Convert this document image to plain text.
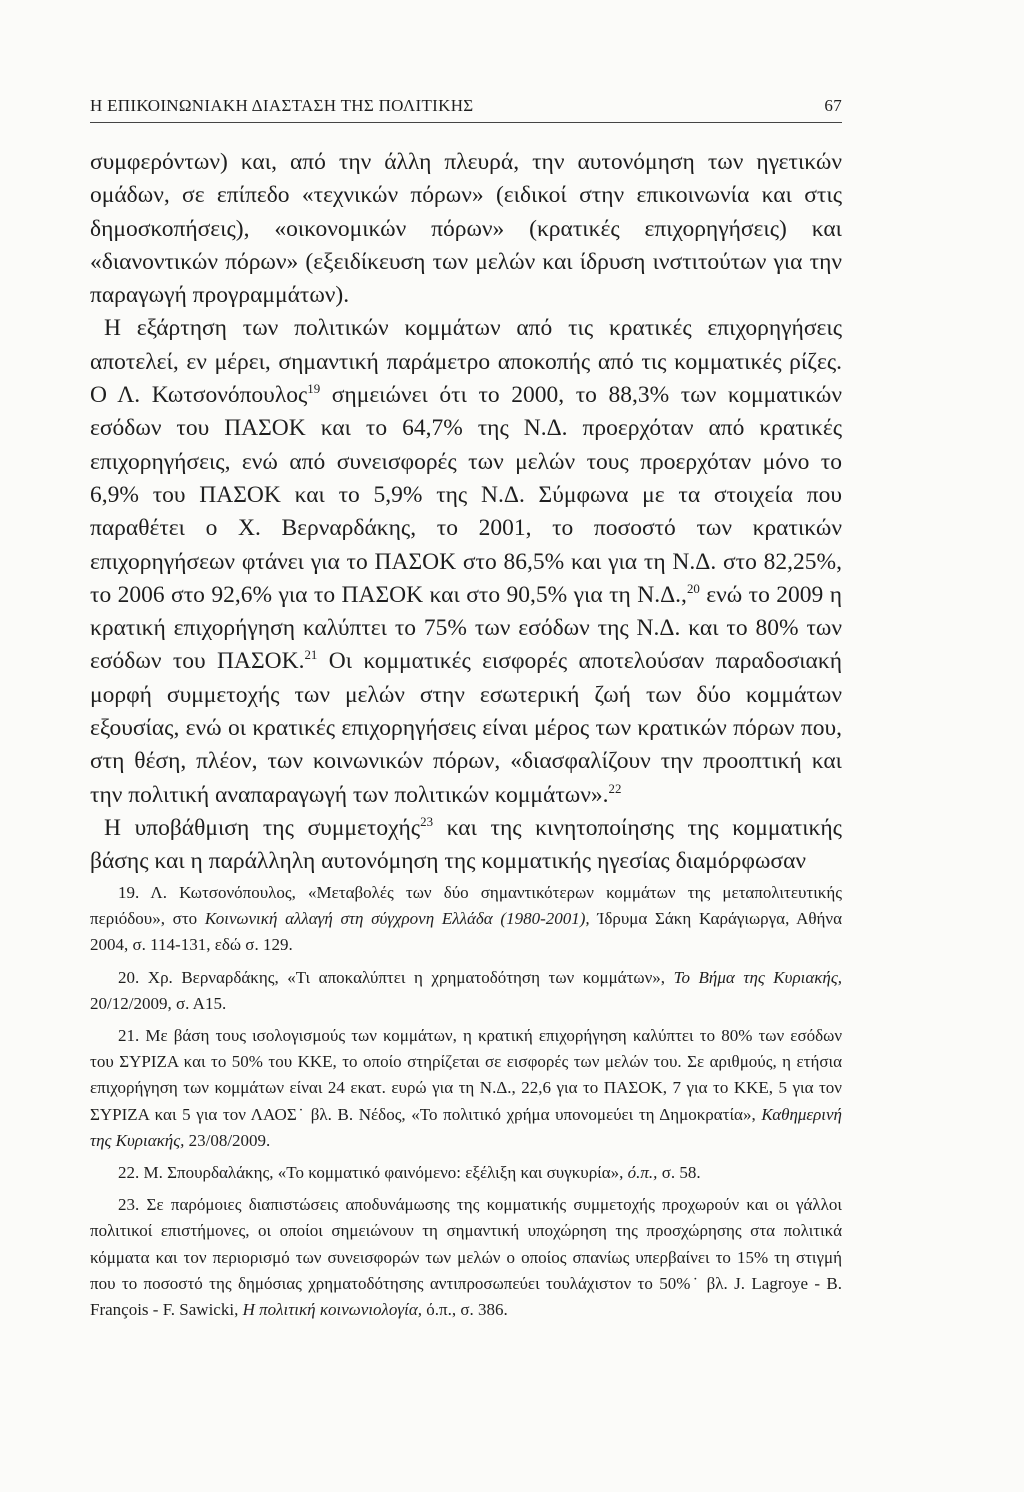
Η ΕΠΙΚΟΙΝΩΝΙΑΚΗ ΔΙΑΣΤΑΣΗ ΤΗΣ ΠΟΛΙΤΙΚΗΣ	67

συμφερόντων) και, από την άλλη πλευρά, την αυτονόμηση των ηγετικών ομάδων, σε επίπεδο «τεχνικών πόρων» (ειδικοί στην επικοινωνία και στις δημοσκοπήσεις), «οικονομικών πόρων» (κρατικές επιχορηγήσεις) και «διανοντικών πόρων» (εξειδίκευση των μελών και ίδρυση ινστιτούτων για την παραγωγή προγραμμάτων).

Η εξάρτηση των πολιτικών κομμάτων από τις κρατικές επιχορηγήσεις αποτελεί, εν μέρει, σημαντική παράμετρο αποκοπής από τις κομματικές ρίζες. Ο Λ. Κωτσονόπουλος$^{19}$ σημειώνει ότι το 2000, το 88,3% των κομματικών εσόδων του ΠΑΣΟΚ και το 64,7% της Ν.Δ. προερχόταν από κρατικές επιχορηγήσεις, ενώ από συνεισφορές των μελών τους προερχόταν μόνο το 6,9% του ΠΑΣΟΚ και το 5,9% της Ν.Δ. Σύμφωνα με τα στοιχεία που παραθέτει ο Χ. Βερναρδάκης, το 2001, το ποσοστό των κρατικών επιχορηγήσεων φτάνει για το ΠΑΣΟΚ στο 86,5% και για τη Ν.Δ. στο 82,25%, το 2006 στο 92,6% για το ΠΑΣΟΚ και στο 90,5% για τη Ν.Δ.,$^{20}$ ενώ το 2009 η κρατική επιχορήγηση καλύπτει το 75% των εσόδων της Ν.Δ. και το 80% των εσόδων του ΠΑΣΟΚ.$^{21}$ Οι κομματικές εισφορές αποτελούσαν παραδοσιακή μορφή συμμετοχής των μελών στην εσωτερική ζωή των δύο κομμάτων εξουσίας, ενώ οι κρατικές επιχορηγήσεις είναι μέρος των κρατικών πόρων που, στη θέση, πλέον, των κοινωνικών πόρων, «διασφαλίζουν την προοπτική και την πολιτική αναπαραγωγή των πολιτικών κομμάτων».$^{22}$

Η υποβάθμιση της συμμετοχής$^{23}$ και της κινητοποίησης της κομματικής βάσης και η παράλληλη αυτονόμηση της κομματικής ηγεσίας διαμόρφωσαν

19. Λ. Κωτσονόπουλος, «Μεταβολές των δύο σημαντικότερων κομμάτων της μεταπολιτευτικής περιόδου», στο Κοινωνική αλλαγή στη σύγχρονη Ελλάδα (1980-2001), Ίδρυμα Σάκη Καράγιωργα, Αθήνα 2004, σ. 114-131, εδώ σ. 129.

20. Χρ. Βερναρδάκης, «Τι αποκαλύπτει η χρηματοδότηση των κομμάτων», Το Βήμα της Κυριακής, 20/12/2009, σ. Α15.

21. Με βάση τους ισολογισμούς των κομμάτων, η κρατική επιχορήγηση καλύπτει το 80% των εσόδων του ΣΥΡΙΖΑ και το 50% του ΚΚΕ, το οποίο στηρίζεται σε εισφορές των μελών του. Σε αριθμούς, η ετήσια επιχορήγηση των κομμάτων είναι 24 εκατ. ευρώ για τη Ν.Δ., 22,6 για το ΠΑΣΟΚ, 7 για το ΚΚΕ, 5 για τον ΣΥΡΙΖΑ και 5 για τον ΛΑΟΣ˙ βλ. Β. Νέδος, «Το πολιτικό χρήμα υπονομεύει τη Δημοκρατία», Καθημερινή της Κυριακής, 23/08/2009.

22. Μ. Σπουρδαλάκης, «Το κομματικό φαινόμενο: εξέλιξη και συγκυρία», ό.π., σ. 58.

23. Σε παρόμοιες διαπιστώσεις αποδυνάμωσης της κομματικής συμμετοχής προχωρούν και οι γάλλοι πολιτικοί επιστήμονες, οι οποίοι σημειώνουν τη σημαντική υποχώρηση της προσχώρησης στα πολιτικά κόμματα και τον περιορισμό των συνεισφορών των μελών ο οποίος σπανίως υπερβαίνει το 15% τη στιγμή που το ποσοστό της δημόσιας χρηματοδότησης αντιπροσωπεύει τουλάχιστον το 50%˙ βλ. J. Lagroye - B. François - F. Sawicki, Η πολιτική κοινωνιολογία, ό.π., σ. 386.
